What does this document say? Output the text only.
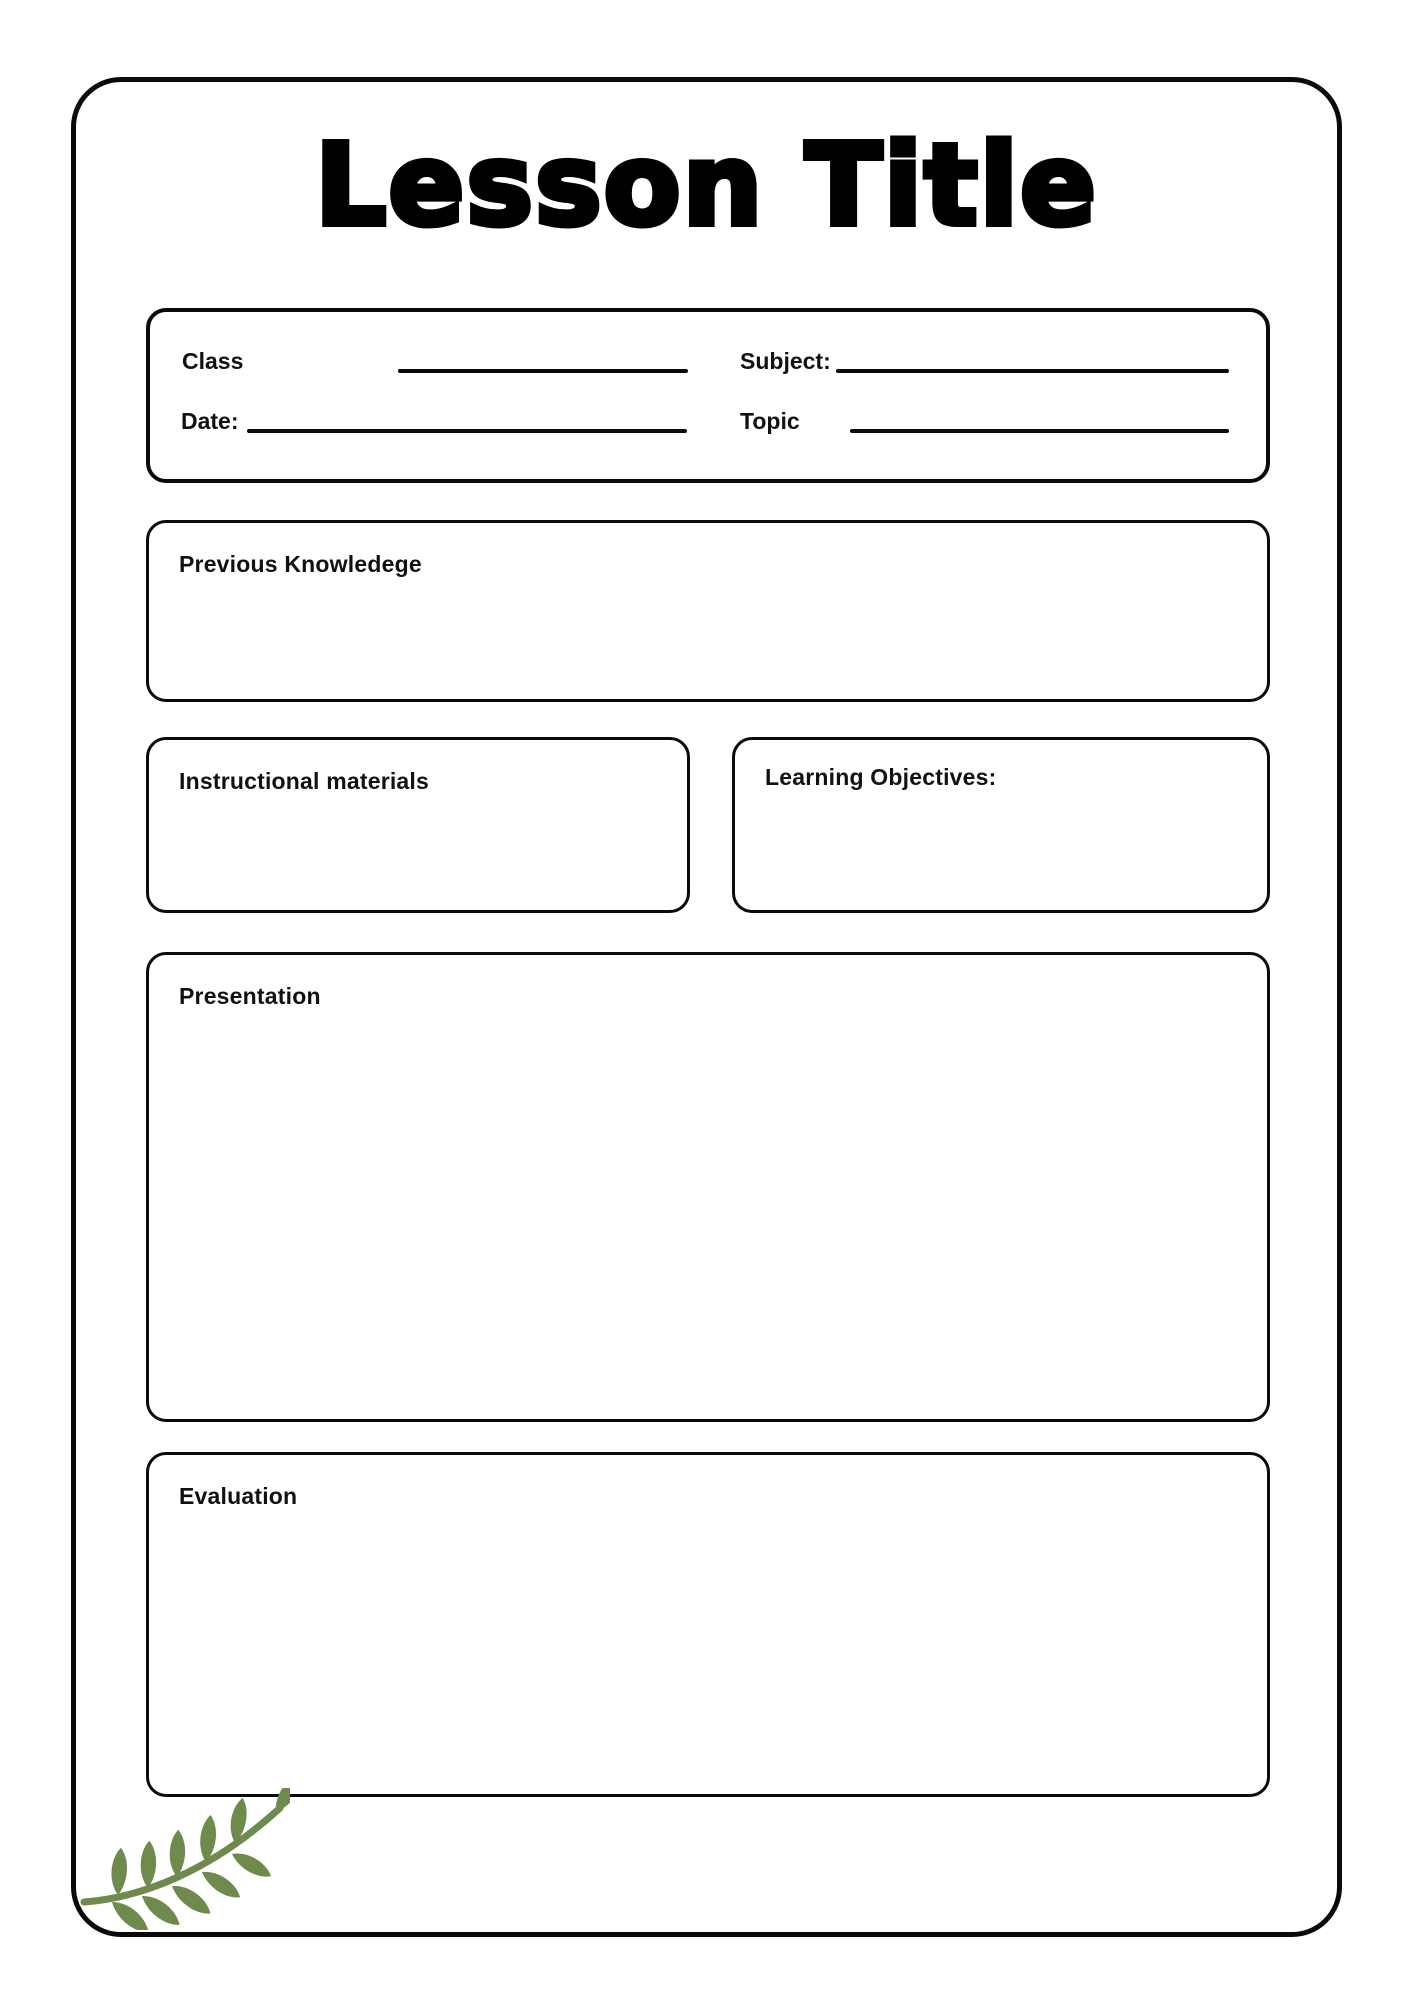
Lesson Title
Class	Subject:
Date:	Topic
Previous Knowledege
Instructional materials	Learning Objectives:
Presentation
Evaluation
